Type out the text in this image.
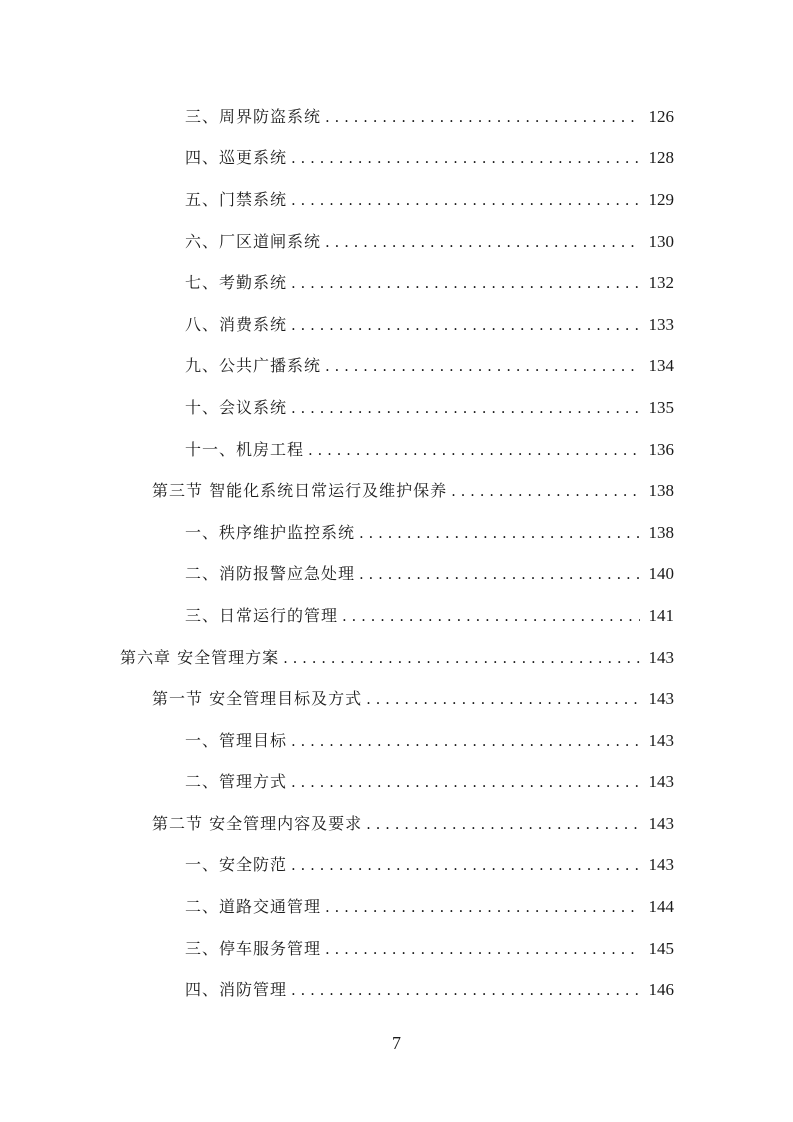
三、周界防盗系统 . . .	126
四、巡更系统 . . .	128
五、门禁系统 . . .	129
六、厂区道闸系统 . . .	130
七、考勤系统 . . .	132
八、消费系统 . . .	133
九、公共广播系统 . . .	134
十、会议系统 . . .	135
十一、机房工程 . . .	136
第三节 智能化系统日常运行及维护保养 . . .	138
一、秩序维护监控系统 . . .	138
二、消防报警应急处理 . . .	140
三、日常运行的管理 . . .	141
第六章 安全管理方案 . . .	143
第一节 安全管理目标及方式 . . .	143
一、管理目标 . . .	143
二、管理方式 . . .	143
第二节 安全管理内容及要求 . . .	143
一、安全防范 . . .	143
二、道路交通管理 . . .	144
三、停车服务管理 . . .	145
四、消防管理 . . .	146
7
